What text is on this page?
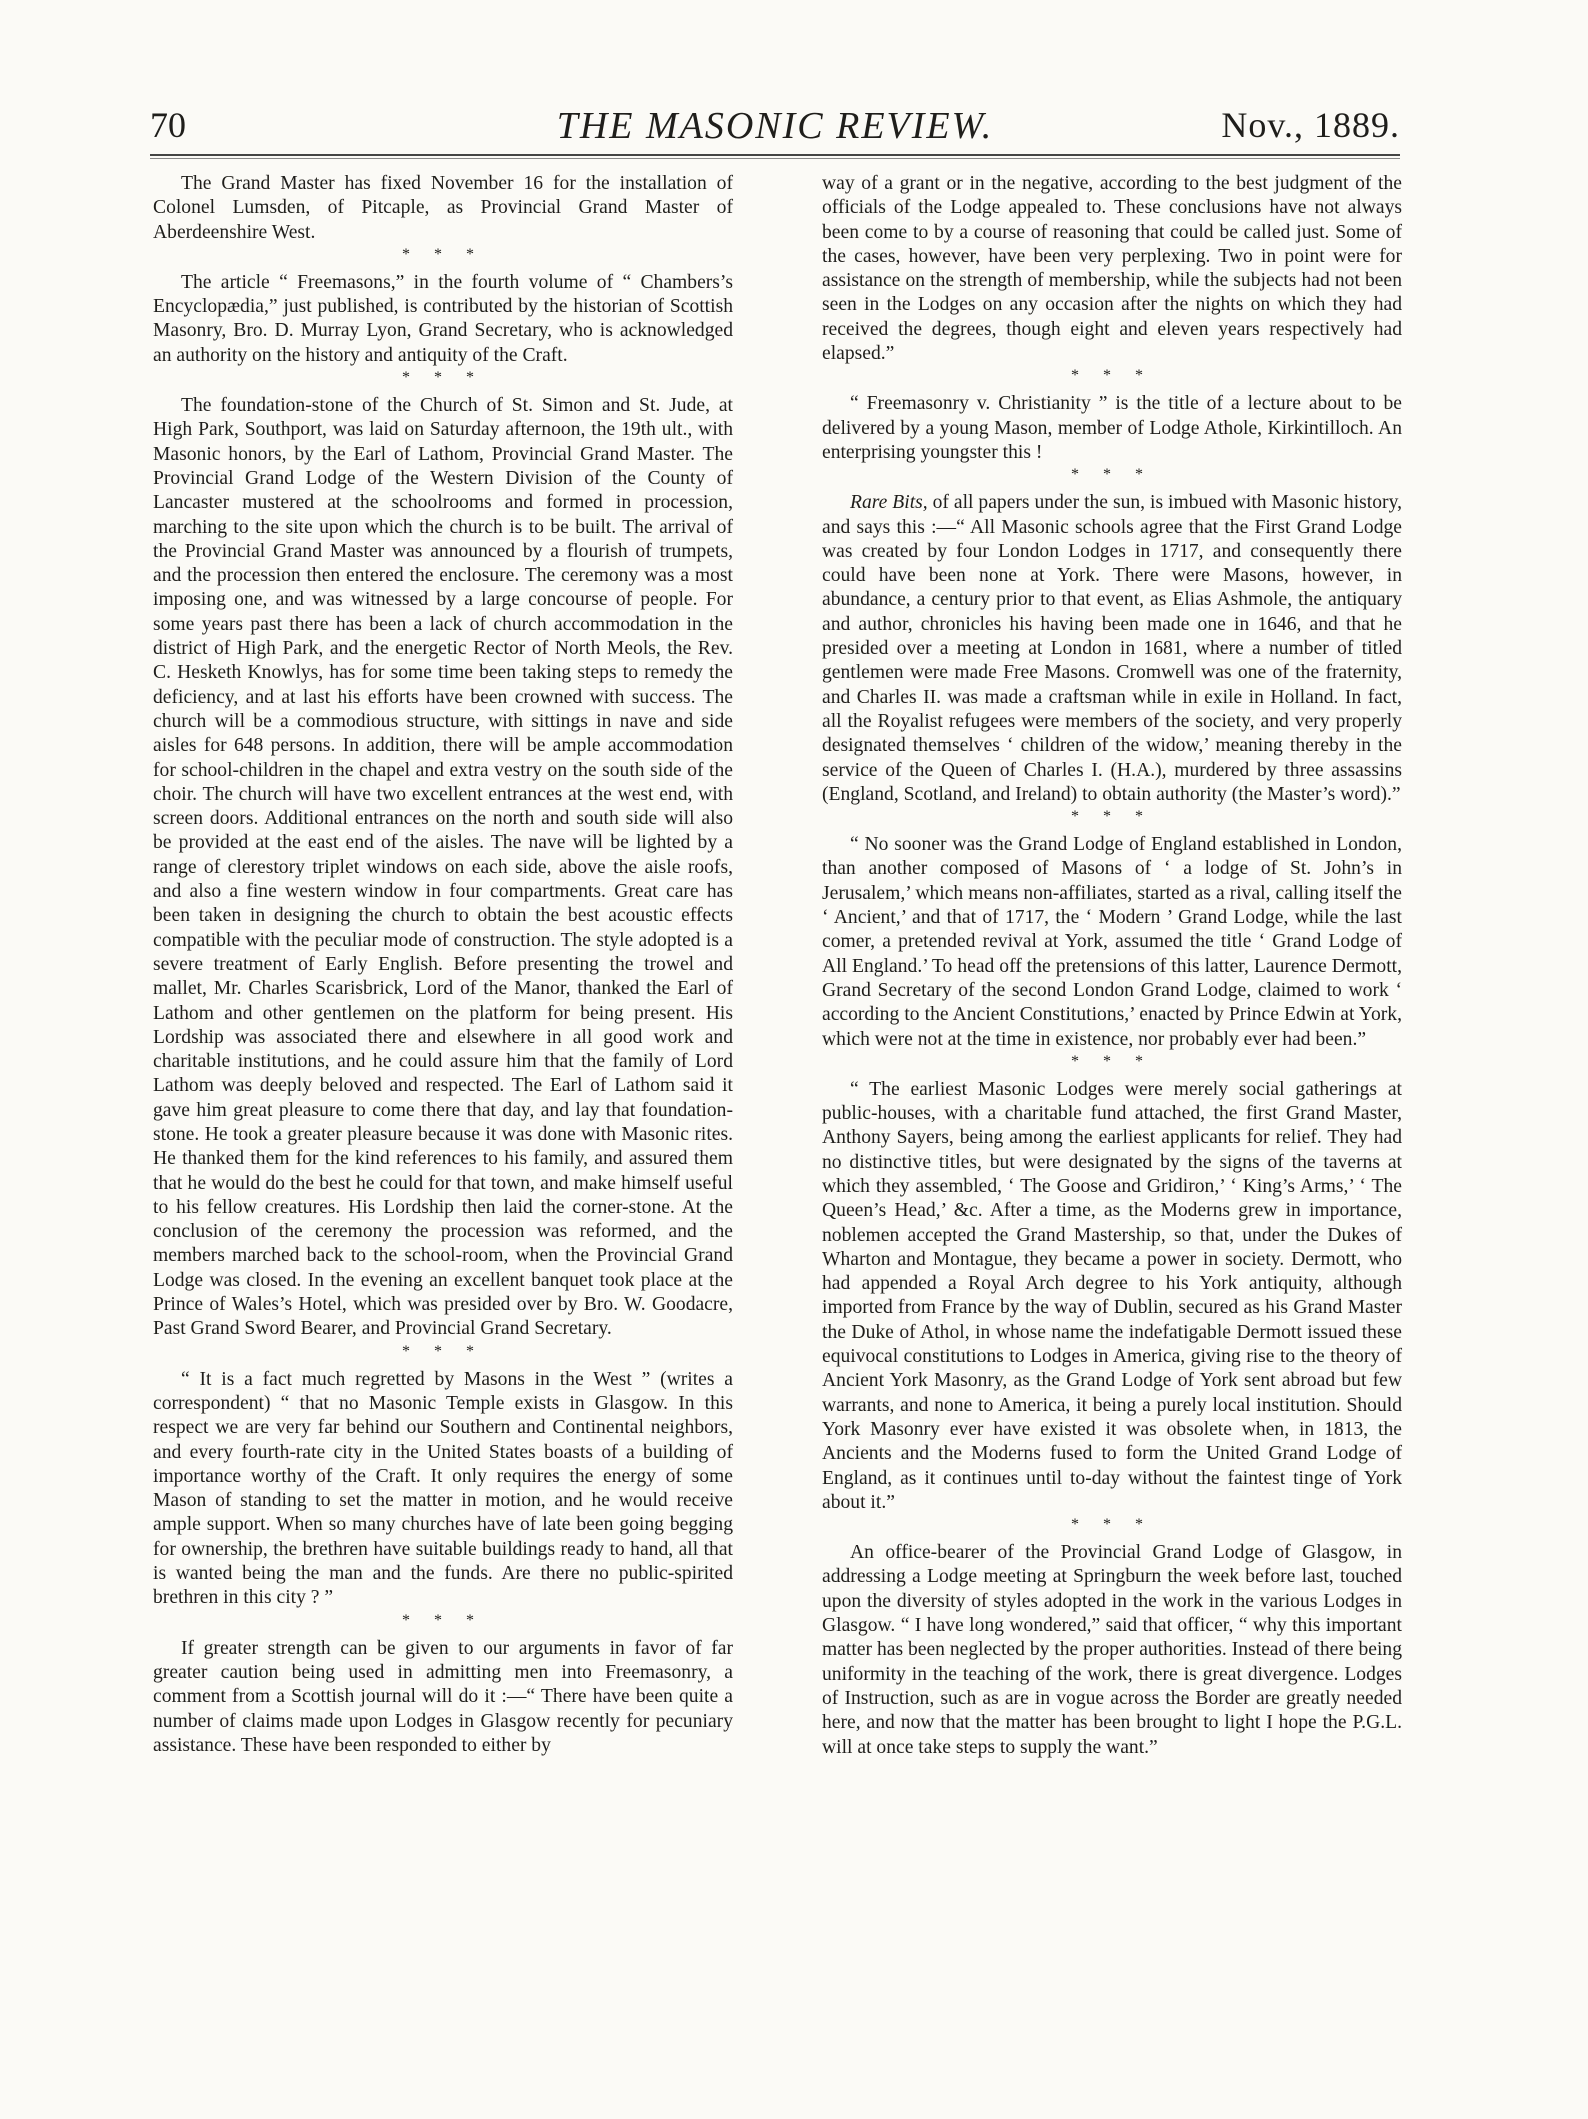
70	THE MASONIC REVIEW.	Nov., 1889.

The Grand Master has fixed November 16 for the installation of Colonel Lumsden, of Pitcaple, as Provincial Grand Master of Aberdeenshire West.

* * *

The article “ Freemasons,” in the fourth volume of “ Chambers’s Encyclopædia,” just published, is contributed by the historian of Scottish Masonry, Bro. D. Murray Lyon, Grand Secretary, who is acknowledged an authority on the history and antiquity of the Craft.

* * *

The foundation-stone of the Church of St. Simon and St. Jude, at High Park, Southport, was laid on Saturday afternoon, the 19th ult., with Masonic honors, by the Earl of Lathom, Provincial Grand Master. The Provincial Grand Lodge of the Western Division of the County of Lancaster mustered at the schoolrooms and formed in procession, marching to the site upon which the church is to be built. The arrival of the Provincial Grand Master was announced by a flourish of trumpets, and the procession then entered the enclosure. The ceremony was a most imposing one, and was witnessed by a large concourse of people. For some years past there has been a lack of church accommodation in the district of High Park, and the energetic Rector of North Meols, the Rev. C. Hesketh Knowlys, has for some time been taking steps to remedy the deficiency, and at last his efforts have been crowned with success. The church will be a commodious structure, with sittings in nave and side aisles for 648 persons. In addition, there will be ample accommodation for school-children in the chapel and extra vestry on the south side of the choir. The church will have two excellent entrances at the west end, with screen doors. Additional entrances on the north and south side will also be provided at the east end of the aisles. The nave will be lighted by a range of clerestory triplet windows on each side, above the aisle roofs, and also a fine western window in four compartments. Great care has been taken in designing the church to obtain the best acoustic effects compatible with the peculiar mode of construction. The style adopted is a severe treatment of Early English. Before presenting the trowel and mallet, Mr. Charles Scarisbrick, Lord of the Manor, thanked the Earl of Lathom and other gentlemen on the platform for being present. His Lordship was associated there and elsewhere in all good work and charitable institutions, and he could assure him that the family of Lord Lathom was deeply beloved and respected. The Earl of Lathom said it gave him great pleasure to come there that day, and lay that foundation-stone. He took a greater pleasure because it was done with Masonic rites. He thanked them for the kind references to his family, and assured them that he would do the best he could for that town, and make himself useful to his fellow creatures. His Lordship then laid the corner-stone. At the conclusion of the ceremony the procession was reformed, and the members marched back to the school-room, when the Provincial Grand Lodge was closed. In the evening an excellent banquet took place at the Prince of Wales’s Hotel, which was presided over by Bro. W. Goodacre, Past Grand Sword Bearer, and Provincial Grand Secretary.

* * *

“ It is a fact much regretted by Masons in the West ” (writes a correspondent) “ that no Masonic Temple exists in Glasgow. In this respect we are very far behind our Southern and Continental neighbors, and every fourth-rate city in the United States boasts of a building of importance worthy of the Craft. It only requires the energy of some Mason of standing to set the matter in motion, and he would receive ample support. When so many churches have of late been going begging for ownership, the brethren have suitable buildings ready to hand, all that is wanted being the man and the funds. Are there no public-spirited brethren in this city ? ”

* * *

If greater strength can be given to our arguments in favor of far greater caution being used in admitting men into Freemasonry, a comment from a Scottish journal will do it :—“ There have been quite a number of claims made upon Lodges in Glasgow recently for pecuniary assistance. These have been responded to either by

way of a grant or in the negative, according to the best judgment of the officials of the Lodge appealed to. These conclusions have not always been come to by a course of reasoning that could be called just. Some of the cases, however, have been very perplexing. Two in point were for assistance on the strength of membership, while the subjects had not been seen in the Lodges on any occasion after the nights on which they had received the degrees, though eight and eleven years respectively had elapsed.”

* * *

“ Freemasonry v. Christianity ” is the title of a lecture about to be delivered by a young Mason, member of Lodge Athole, Kirkintilloch. An enterprising youngster this !

* * *

Rare Bits, of all papers under the sun, is imbued with Masonic history, and says this :—“ All Masonic schools agree that the First Grand Lodge was created by four London Lodges in 1717, and consequently there could have been none at York. There were Masons, however, in abundance, a century prior to that event, as Elias Ashmole, the antiquary and author, chronicles his having been made one in 1646, and that he presided over a meeting at London in 1681, where a number of titled gentlemen were made Free Masons. Cromwell was one of the fraternity, and Charles II. was made a craftsman while in exile in Holland. In fact, all the Royalist refugees were members of the society, and very properly designated themselves ‘ children of the widow,’ meaning thereby in the service of the Queen of Charles I. (H.A.), murdered by three assassins (England, Scotland, and Ireland) to obtain authority (the Master’s word).”

* * *

“ No sooner was the Grand Lodge of England established in London, than another composed of Masons of ‘ a lodge of St. John’s in Jerusalem,’ which means non-affiliates, started as a rival, calling itself the ‘ Ancient,’ and that of 1717, the ‘ Modern ’ Grand Lodge, while the last comer, a pretended revival at York, assumed the title ‘ Grand Lodge of All England.’ To head off the pretensions of this latter, Laurence Dermott, Grand Secretary of the second London Grand Lodge, claimed to work ‘ according to the Ancient Constitutions,’ enacted by Prince Edwin at York, which were not at the time in existence, nor probably ever had been.”

* * *

“ The earliest Masonic Lodges were merely social gatherings at public-houses, with a charitable fund attached, the first Grand Master, Anthony Sayers, being among the earliest applicants for relief. They had no distinctive titles, but were designated by the signs of the taverns at which they assembled, ‘ The Goose and Gridiron,’ ‘ King’s Arms,’ ‘ The Queen’s Head,’ &c. After a time, as the Moderns grew in importance, noblemen accepted the Grand Mastership, so that, under the Dukes of Wharton and Montague, they became a power in society. Dermott, who had appended a Royal Arch degree to his York antiquity, although imported from France by the way of Dublin, secured as his Grand Master the Duke of Athol, in whose name the indefatigable Dermott issued these equivocal constitutions to Lodges in America, giving rise to the theory of Ancient York Masonry, as the Grand Lodge of York sent abroad but few warrants, and none to America, it being a purely local institution. Should York Masonry ever have existed it was obsolete when, in 1813, the Ancients and the Moderns fused to form the United Grand Lodge of England, as it continues until to-day without the faintest tinge of York about it.”

* * *

An office-bearer of the Provincial Grand Lodge of Glasgow, in addressing a Lodge meeting at Springburn the week before last, touched upon the diversity of styles adopted in the work in the various Lodges in Glasgow. “ I have long wondered,” said that officer, “ why this important matter has been neglected by the proper authorities. Instead of there being uniformity in the teaching of the work, there is great divergence. Lodges of Instruction, such as are in vogue across the Border are greatly needed here, and now that the matter has been brought to light I hope the P.G.L. will at once take steps to supply the want.”
